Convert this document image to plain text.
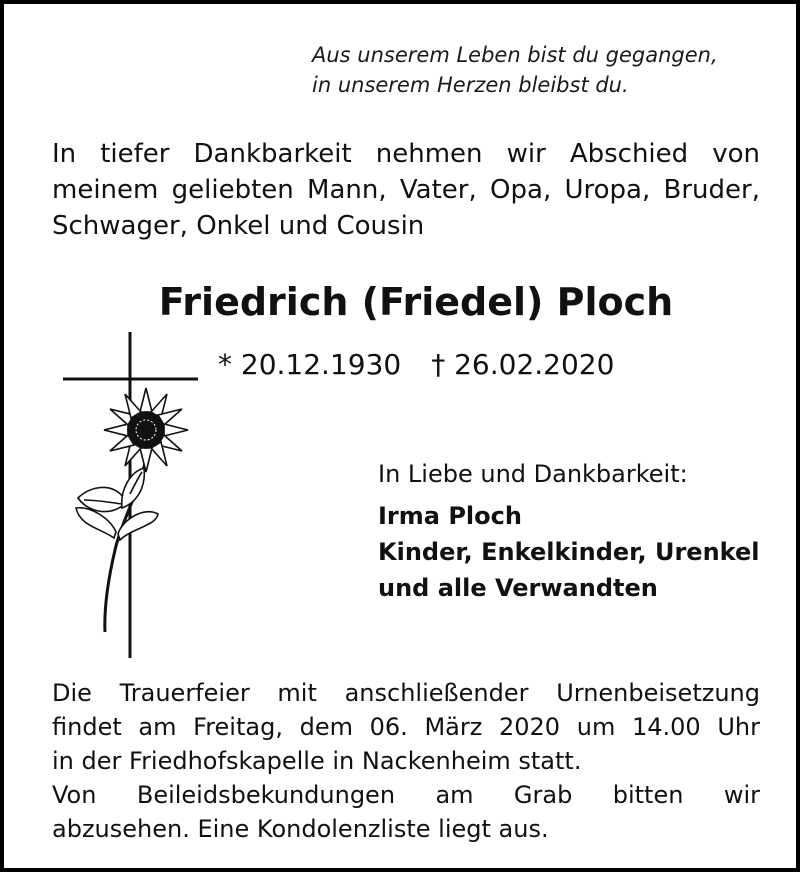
Aus unserem Leben bist du gegangen,
in unserem Herzen bleibst du.
In tiefer Dankbarkeit nehmen wir Abschied von
meinem geliebten Mann, Vater, Opa, Uropa, Bruder,
Schwager, Onkel und Cousin
Friedrich (Friedel) Ploch
* 20.12.1930 † 26.02.2020
In Liebe und Dankbarkeit:
Irma Ploch
Kinder, Enkelkinder, Urenkel
und alle Verwandten
Die Trauerfeier mit anschließender Urnenbeisetzung
findet am Freitag, dem 06. März 2020 um 14.00 Uhr
in der Friedhofskapelle in Nackenheim statt.
Von Beileidsbekundungen am Grab bitten wir
abzusehen. Eine Kondolenzliste liegt aus.
